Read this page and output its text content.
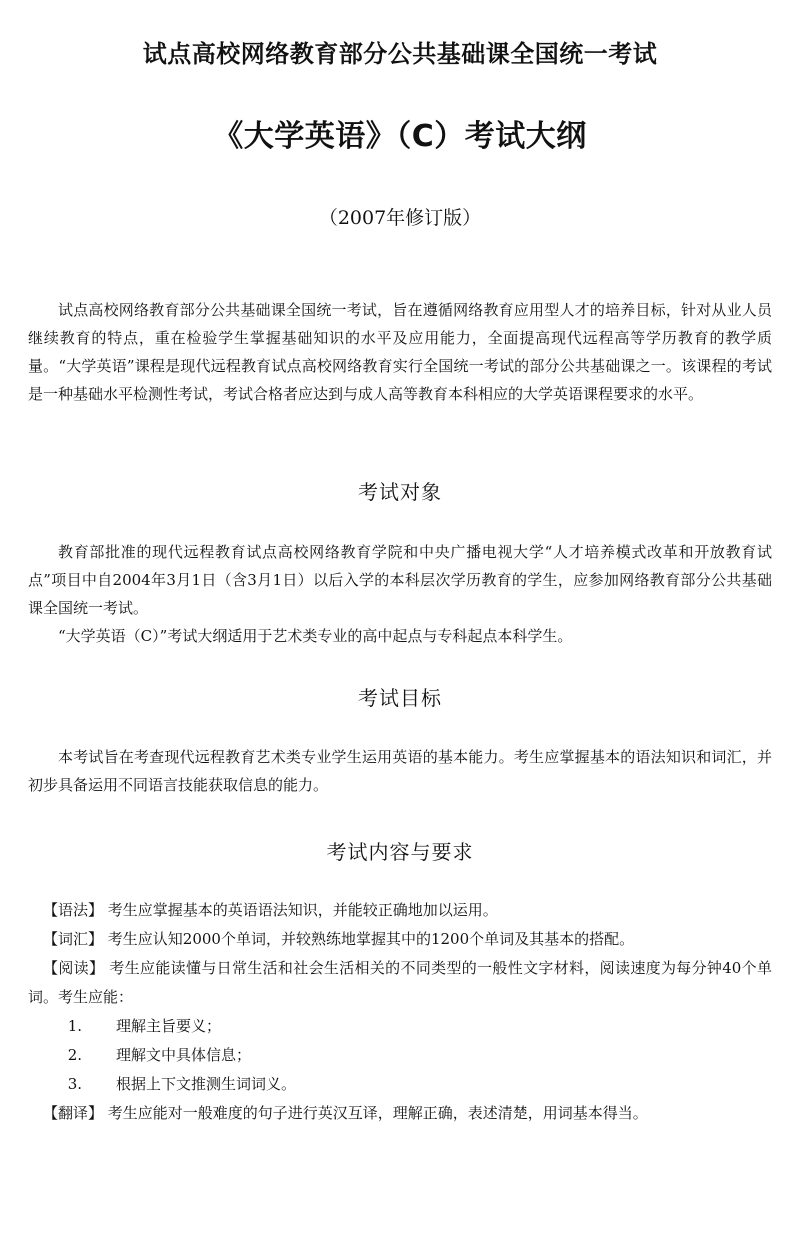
试点高校网络教育部分公共基础课全国统一考试
《大学英语》（C）考试大纲
（2007年修订版）

试点高校网络教育部分公共基础课全国统一考试，旨在遵循网络教育应用型人才的培养目标，针对从业人员继续教育的特点，重在检验学生掌握基础知识的水平及应用能力，全面提高现代远程高等学历教育的教学质量。“大学英语”课程是现代远程教育试点高校网络教育实行全国统一考试的部分公共基础课之一。该课程的考试是一种基础水平检测性考试，考试合格者应达到与成人高等教育本科相应的大学英语课程要求的水平。

考试对象

教育部批准的现代远程教育试点高校网络教育学院和中央广播电视大学“人才培养模式改革和开放教育试点”项目中自2004年3月1日（含3月1日）以后入学的本科层次学历教育的学生，应参加网络教育部分公共基础课全国统一考试。

“大学英语（C）”考试大纲适用于艺术类专业的高中起点与专科起点本科学生。

考试目标

本考试旨在考查现代远程教育艺术类专业学生运用英语的基本能力。考生应掌握基本的语法知识和词汇，并初步具备运用不同语言技能获取信息的能力。

考试内容与要求

【语法】 考生应掌握基本的英语语法知识，并能较正确地加以运用。

【词汇】 考生应认知2000个单词，并较熟练地掌握其中的1200个单词及其基本的搭配。

【阅读】 考生应能读懂与日常生活和社会生活相关的不同类型的一般性文字材料，阅读速度为每分钟40个单词。考生应能：

1.	理解主旨要义；
2.	理解文中具体信息；
3.	根据上下文推测生词词义。

【翻译】 考生应能对一般难度的句子进行英汉互译，理解正确，表述清楚，用词基本得当。
